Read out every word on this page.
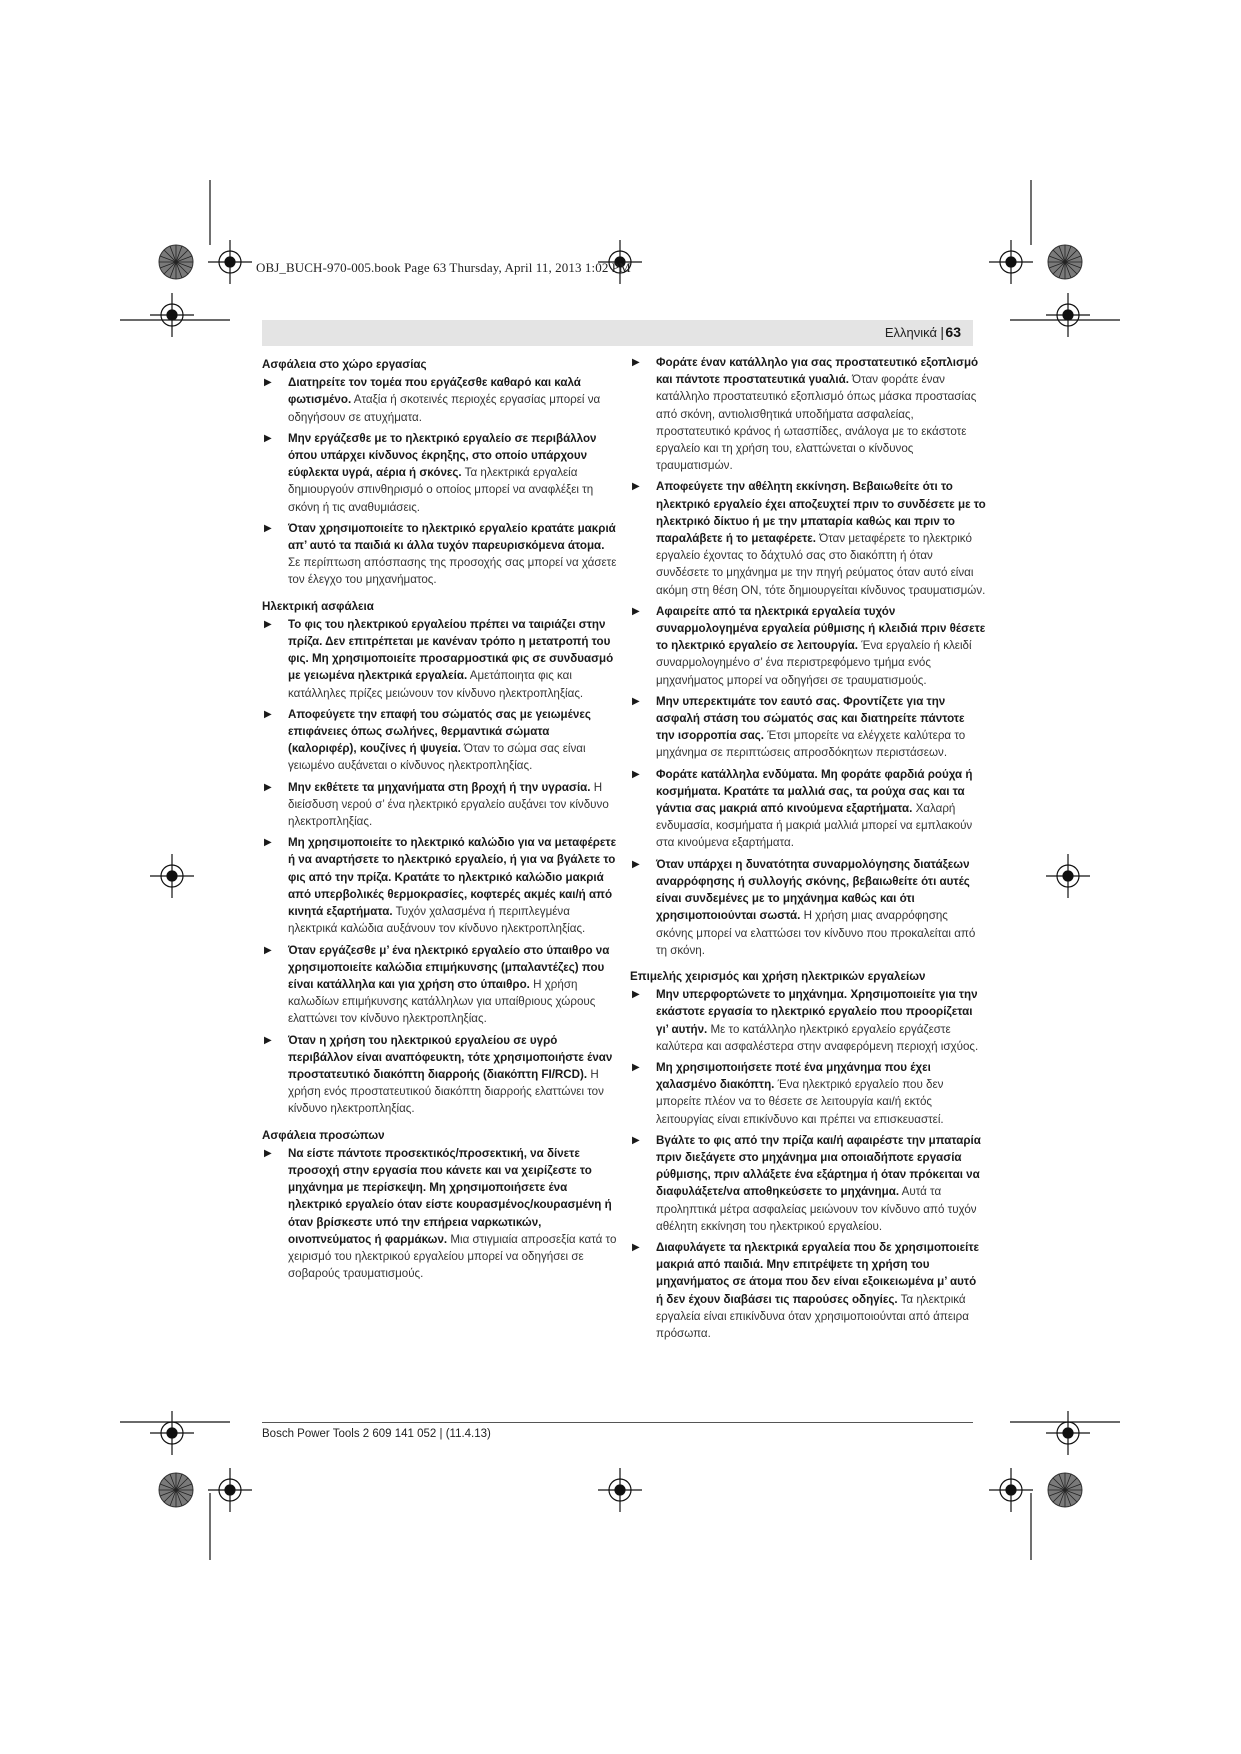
OBJ_BUCH-970-005.book Page 63 Thursday, April 11, 2013 1:02 PM
Ελληνικά | 63
Ασφάλεια στο χώρο εργασίας
▶ Διατηρείτε τον τομέα που εργάζεσθε καθαρό και καλά φωτισμένο. Αταξία ή σκοτεινές περιοχές εργασίας μπορεί να οδηγήσουν σε ατυχήματα.
▶ Μην εργάζεσθε με το ηλεκτρικό εργαλείο σε περιβάλλον όπου υπάρχει κίνδυνος έκρηξης, στο οποίο υπάρχουν εύφλεκτα υγρά, αέρια ή σκόνες. Τα ηλεκτρικά εργαλεία δημιουργούν σπινθηρισμό ο οποίος μπορεί να αναφλέξει τη σκόνη ή τις αναθυμιάσεις.
▶ Όταν χρησιμοποιείτε το ηλεκτρικό εργαλείο κρατάτε μακριά απ’ αυτό τα παιδιά κι άλλα τυχόν παρευρισκόμενα άτομα. Σε περίπτωση απόσπασης της προσοχής σας μπορεί να χάσετε τον έλεγχο του μηχανήματος.
Ηλεκτρική ασφάλεια
▶ Το φις του ηλεκτρικού εργαλείου πρέπει να ταιριάζει στην πρίζα. Δεν επιτρέπεται με κανέναν τρόπο η μετατροπή του φις. Μη χρησιμοποιείτε προσαρμοστικά φις σε συνδυασμό με γειωμένα ηλεκτρικά εργαλεία. Αμετάποιητα φις και κατάλληλες πρίζες μειώνουν τον κίνδυνο ηλεκτροπληξίας.
▶ Αποφεύγετε την επαφή του σώματός σας με γειωμένες επιφάνειες όπως σωλήνες, θερμαντικά σώματα (καλοριφέρ), κουζίνες ή ψυγεία. Όταν το σώμα σας είναι γειωμένο αυξάνεται ο κίνδυνος ηλεκτροπληξίας.
▶ Μην εκθέτετε τα μηχανήματα στη βροχή ή την υγρασία. Η διείσδυση νερού σ’ ένα ηλεκτρικό εργαλείο αυξάνει τον κίνδυνο ηλεκτροπληξίας.
▶ Μη χρησιμοποιείτε το ηλεκτρικό καλώδιο για να μεταφέρετε ή να αναρτήσετε το ηλεκτρικό εργαλείο, ή για να βγάλετε το φις από την πρίζα. Κρατάτε το ηλεκτρικό καλώδιο μακριά από υπερβολικές θερμοκρασίες, κοφτερές ακμές και/ή από κινητά εξαρτήματα. Τυχόν χαλασμένα ή περιπλεγμένα ηλεκτρικά καλώδια αυξάνουν τον κίνδυνο ηλεκτροπληξίας.
▶ Όταν εργάζεσθε μ’ ένα ηλεκτρικό εργαλείο στο ύπαιθρο να χρησιμοποιείτε καλώδια επιμήκυνσης (μπαλαντέζες) που είναι κατάλληλα και για χρήση στο ύπαιθρο. Η χρήση καλωδίων επιμήκυνσης κατάλληλων για υπαίθριους χώρους ελαττώνει τον κίνδυνο ηλεκτροπληξίας.
▶ Όταν η χρήση του ηλεκτρικού εργαλείου σε υγρό περιβάλλον είναι αναπόφευκτη, τότε χρησιμοποιήστε έναν προστατευτικό διακόπτη διαρροής (διακόπτη FI/RCD). Η χρήση ενός προστατευτικού διακόπτη διαρροής ελαττώνει τον κίνδυνο ηλεκτροπληξίας.
Ασφάλεια προσώπων
▶ Να είστε πάντοτε προσεκτικός/προσεκτική, να δίνετε προσοχή στην εργασία που κάνετε και να χειρίζεστε το μηχάνημα με περίσκεψη. Μη χρησιμοποιήσετε ένα ηλεκτρικό εργαλείο όταν είστε κουρασμένος/κουρασμένη ή όταν βρίσκεστε υπό την επήρεια ναρκωτικών, οινοπνεύματος ή φαρμάκων. Μια στιγμιαία απροσεξία κατά το χειρισμό του ηλεκτρικού εργαλείου μπορεί να οδηγήσει σε σοβαρούς τραυματισμούς.
▶ Φοράτε έναν κατάλληλο για σας προστατευτικό εξοπλισμό και πάντοτε προστατευτικά γυαλιά. Όταν φοράτε έναν κατάλληλο προστατευτικό εξοπλισμό όπως μάσκα προστασίας από σκόνη, αντιολισθητικά υποδήματα ασφαλείας, προστατευτικό κράνος ή ωτασπίδες, ανάλογα με το εκάστοτε εργαλείο και τη χρήση του, ελαττώνεται ο κίνδυνος τραυματισμών.
▶ Αποφεύγετε την αθέλητη εκκίνηση. Βεβαιωθείτε ότι το ηλεκτρικό εργαλείο έχει αποζευχτεί πριν το συνδέσετε με το ηλεκτρικό δίκτυο ή με την μπαταρία καθώς και πριν το παραλάβετε ή το μεταφέρετε. Όταν μεταφέρετε το ηλεκτρικό εργαλείο έχοντας το δάχτυλό σας στο διακόπτη ή όταν συνδέσετε το μηχάνημα με την πηγή ρεύματος όταν αυτό είναι ακόμη στη θέση ΟΝ, τότε δημιουργείται κίνδυνος τραυματισμών.
▶ Αφαιρείτε από τα ηλεκτρικά εργαλεία τυχόν συναρμολογημένα εργαλεία ρύθμισης ή κλειδιά πριν θέσετε το ηλεκτρικό εργαλείο σε λειτουργία. Ένα εργαλείο ή κλειδί συναρμολογημένο σ’ ένα περιστρεφόμενο τμήμα ενός μηχανήματος μπορεί να οδηγήσει σε τραυματισμούς.
▶ Μην υπερεκτιμάτε τον εαυτό σας. Φροντίζετε για την ασφαλή στάση του σώματός σας και διατηρείτε πάντοτε την ισορροπία σας. Έτσι μπορείτε να ελέγχετε καλύτερα το μηχάνημα σε περιπτώσεις απροσδόκητων περιστάσεων.
▶ Φοράτε κατάλληλα ενδύματα. Μη φοράτε φαρδιά ρούχα ή κοσμήματα. Κρατάτε τα μαλλιά σας, τα ρούχα σας και τα γάντια σας μακριά από κινούμενα εξαρτήματα. Χαλαρή ενδυμασία, κοσμήματα ή μακριά μαλλιά μπορεί να εμπλακούν στα κινούμενα εξαρτήματα.
▶ Όταν υπάρχει η δυνατότητα συναρμολόγησης διατάξεων αναρρόφησης ή συλλογής σκόνης, βεβαιωθείτε ότι αυτές είναι συνδεμένες με το μηχάνημα καθώς και ότι χρησιμοποιούνται σωστά. Η χρήση μιας αναρρόφησης σκόνης μπορεί να ελαττώσει τον κίνδυνο που προκαλείται από τη σκόνη.
Επιμελής χειρισμός και χρήση ηλεκτρικών εργαλείων
▶ Μην υπερφορτώνετε το μηχάνημα. Χρησιμοποιείτε για την εκάστοτε εργασία το ηλεκτρικό εργαλείο που προορίζεται γι’ αυτήν. Με το κατάλληλο ηλεκτρικό εργαλείο εργάζεστε καλύτερα και ασφαλέστερα στην αναφερόμενη περιοχή ισχύος.
▶ Μη χρησιμοποιήσετε ποτέ ένα μηχάνημα που έχει χαλασμένο διακόπτη. Ένα ηλεκτρικό εργαλείο που δεν μπορείτε πλέον να το θέσετε σε λειτουργία και/ή εκτός λειτουργίας είναι επικίνδυνο και πρέπει να επισκευαστεί.
▶ Βγάλτε το φις από την πρίζα και/ή αφαιρέστε την μπαταρία πριν διεξάγετε στο μηχάνημα μια οποιαδήποτε εργασία ρύθμισης, πριν αλλάξετε ένα εξάρτημα ή όταν πρόκειται να διαφυλάξετε/να αποθηκεύσετε το μηχάνημα. Αυτά τα προληπτικά μέτρα ασφαλείας μειώνουν τον κίνδυνο από τυχόν αθέλητη εκκίνηση του ηλεκτρικού εργαλείου.
▶ Διαφυλάγετε τα ηλεκτρικά εργαλεία που δε χρησιμοποιείτε μακριά από παιδιά. Μην επιτρέψετε τη χρήση του μηχανήματος σε άτομα που δεν είναι εξοικειωμένα μ’ αυτό ή δεν έχουν διαβάσει τις παρούσες οδηγίες. Τα ηλεκτρικά εργαλεία είναι επικίνδυνα όταν χρησιμοποιούνται από άπειρα πρόσωπα.
Bosch Power Tools 2 609 141 052 | (11.4.13)
